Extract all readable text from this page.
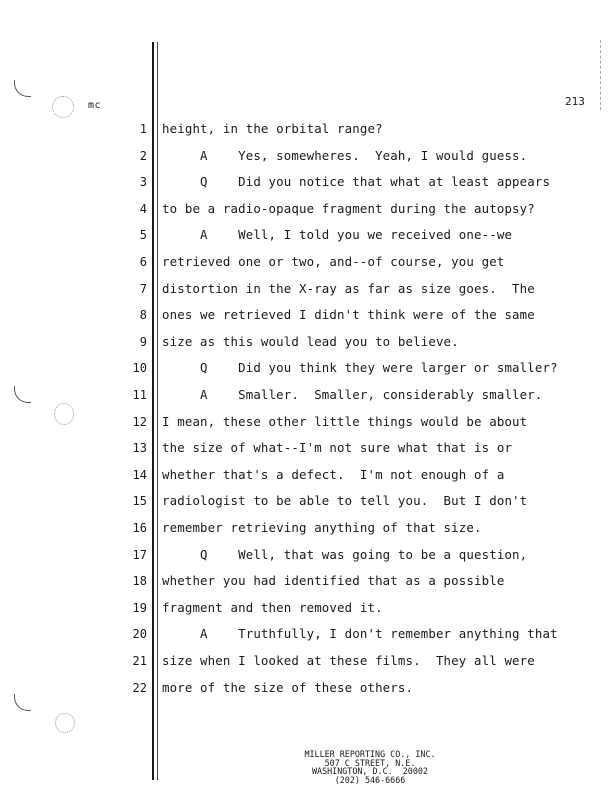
mc	213
1 height, in the orbital range?
2 A    Yes, somewheres.  Yeah, I would guess.
3 Q    Did you notice that what at least appears
4 to be a radio-opaque fragment during the autopsy?
5 A    Well, I told you we received one--we
6 retrieved one or two, and--of course, you get
7 distortion in the X-ray as far as size goes.  The
8 ones we retrieved I didn't think were of the same
9 size as this would lead you to believe.
10 Q    Did you think they were larger or smaller?
11 A    Smaller.  Smaller, considerably smaller.
12 I mean, these other little things would be about
13 the size of what--I'm not sure what that is or
14 whether that's a defect.  I'm not enough of a
15 radiologist to be able to tell you.  But I don't
16 remember retrieving anything of that size.
17 Q    Well, that was going to be a question,
18 whether you had identified that as a possible
19 fragment and then removed it.
20 A    Truthfully, I don't remember anything that
21 size when I looked at these films.  They all were
22 more of the size of these others.
MILLER REPORTING CO., INC.
507 C STREET, N.E.
WASHINGTON, D.C.  20002
(202) 546-6666
